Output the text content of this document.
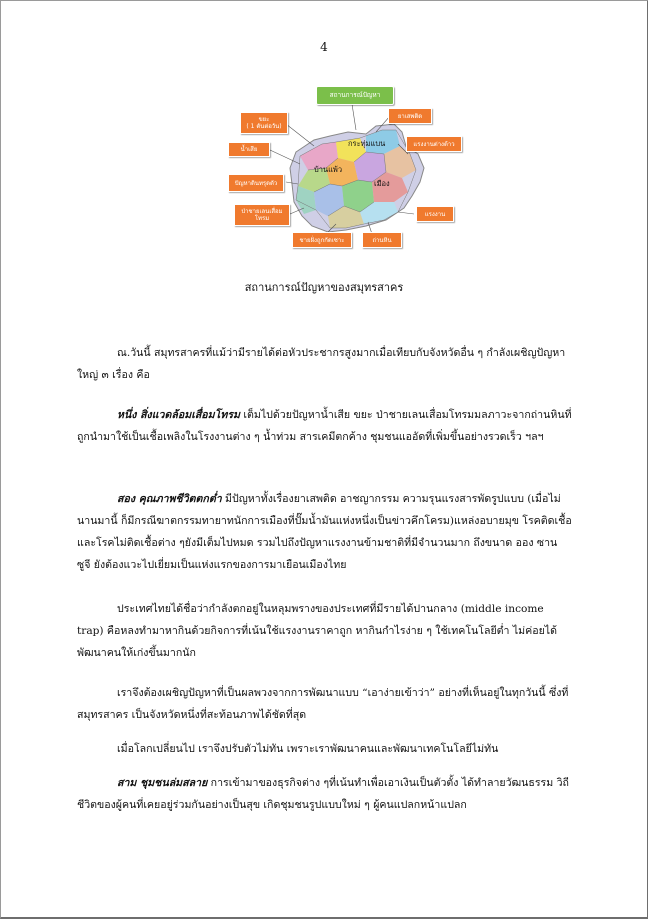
4
สถานการณ์ปัญหา
ขยะ
( 1 ตันต่อวัน)
น้ำเสีย
ปัญหาดินทรุดตัว
ป่าชายเลนเสื่อม
โทรม
ยาเสพติด
แรงงานต่างด้าว
แรงงาน
ชายฝั่งถูกกัดเซาะ	ถ่านหิน
กระทุ่มแบน
บ้านแพ้ว
เมือง
สถานการณ์ปัญหาของสมุทรสาคร

ณ.วันนี้ สมุทรสาครที่แม้ว่ามีรายได้ต่อหัวประชากรสูงมากเมื่อเทียบกับจังหวัดอื่น ๆ กำลังเผชิญปัญหาใหญ่ ๓ เรื่อง คือ

หนึ่ง สิ่งแวดล้อมเสื่อมโทรม เต็มไปด้วยปัญหาน้ำเสีย ขยะ ป่าชายเลนเสื่อมโทรมมลภาวะจากถ่านหินที่ถูกนำมาใช้เป็นเชื้อเพลิงในโรงงานต่าง ๆ น้ำท่วม สารเคมีตกค้าง ชุมชนแออัดที่เพิ่มขึ้นอย่างรวดเร็ว ฯลฯ

สอง คุณภาพชีวิตตกต่ำ มีปัญหาทั้งเรื่องยาเสพติด อาชญากรรม ความรุนแรงสารพัดรูปแบบ (เมื่อไม่นานมานี้ ก็มีกรณีฆาตกรรมทายาทนักการเมืองที่ปั๊มน้ำมันแห่งหนึ่งเป็นข่าวคึกโครม)แหล่งอบายมุข โรคติดเชื้อ และโรคไม่ติดเชื้อต่าง ๆยังมีเต็มไปหมด รวมไปถึงปัญหาแรงงานข้ามชาติที่มีจำนวนมาก ถึงขนาด ออง ซาน ซูจี ยังต้องแวะไปเยี่ยมเป็นแห่งแรกของการมาเยือนเมืองไทย

ประเทศไทยได้ชื่อว่ากำลังตกอยู่ในหลุมพรางของประเทศที่มีรายได้ปานกลาง (middle income trap) คือหลงทำมาหากินด้วยกิจการที่เน้นใช้แรงงานราคาถูก หากินกำไรง่าย ๆ ใช้เทคโนโลยีต่ำ ไม่ค่อยได้พัฒนาคนให้เก่งขึ้นมากนัก

เราจึงต้องเผชิญปัญหาที่เป็นผลพวงจากการพัฒนาแบบ “เอาง่ายเข้าว่า” อย่างที่เห็นอยู่ในทุกวันนี้ ซึ่งที่สมุทรสาคร เป็นจังหวัดหนึ่งที่สะท้อนภาพได้ชัดที่สุด

เมื่อโลกเปลี่ยนไป เราจึงปรับตัวไม่ทัน เพราะเราพัฒนาคนและพัฒนาเทคโนโลยีไม่ทัน

สาม ชุมชนล่มสลาย การเข้ามาของธุรกิจต่าง ๆที่เน้นทำเพื่อเอาเงินเป็นตัวตั้ง ได้ทำลายวัฒนธรรม วิถีชีวิตของผู้คนที่เคยอยู่ร่วมกันอย่างเป็นสุข เกิดชุมชนรูปแบบใหม่ ๆ ผู้คนแปลกหน้าแปลก
